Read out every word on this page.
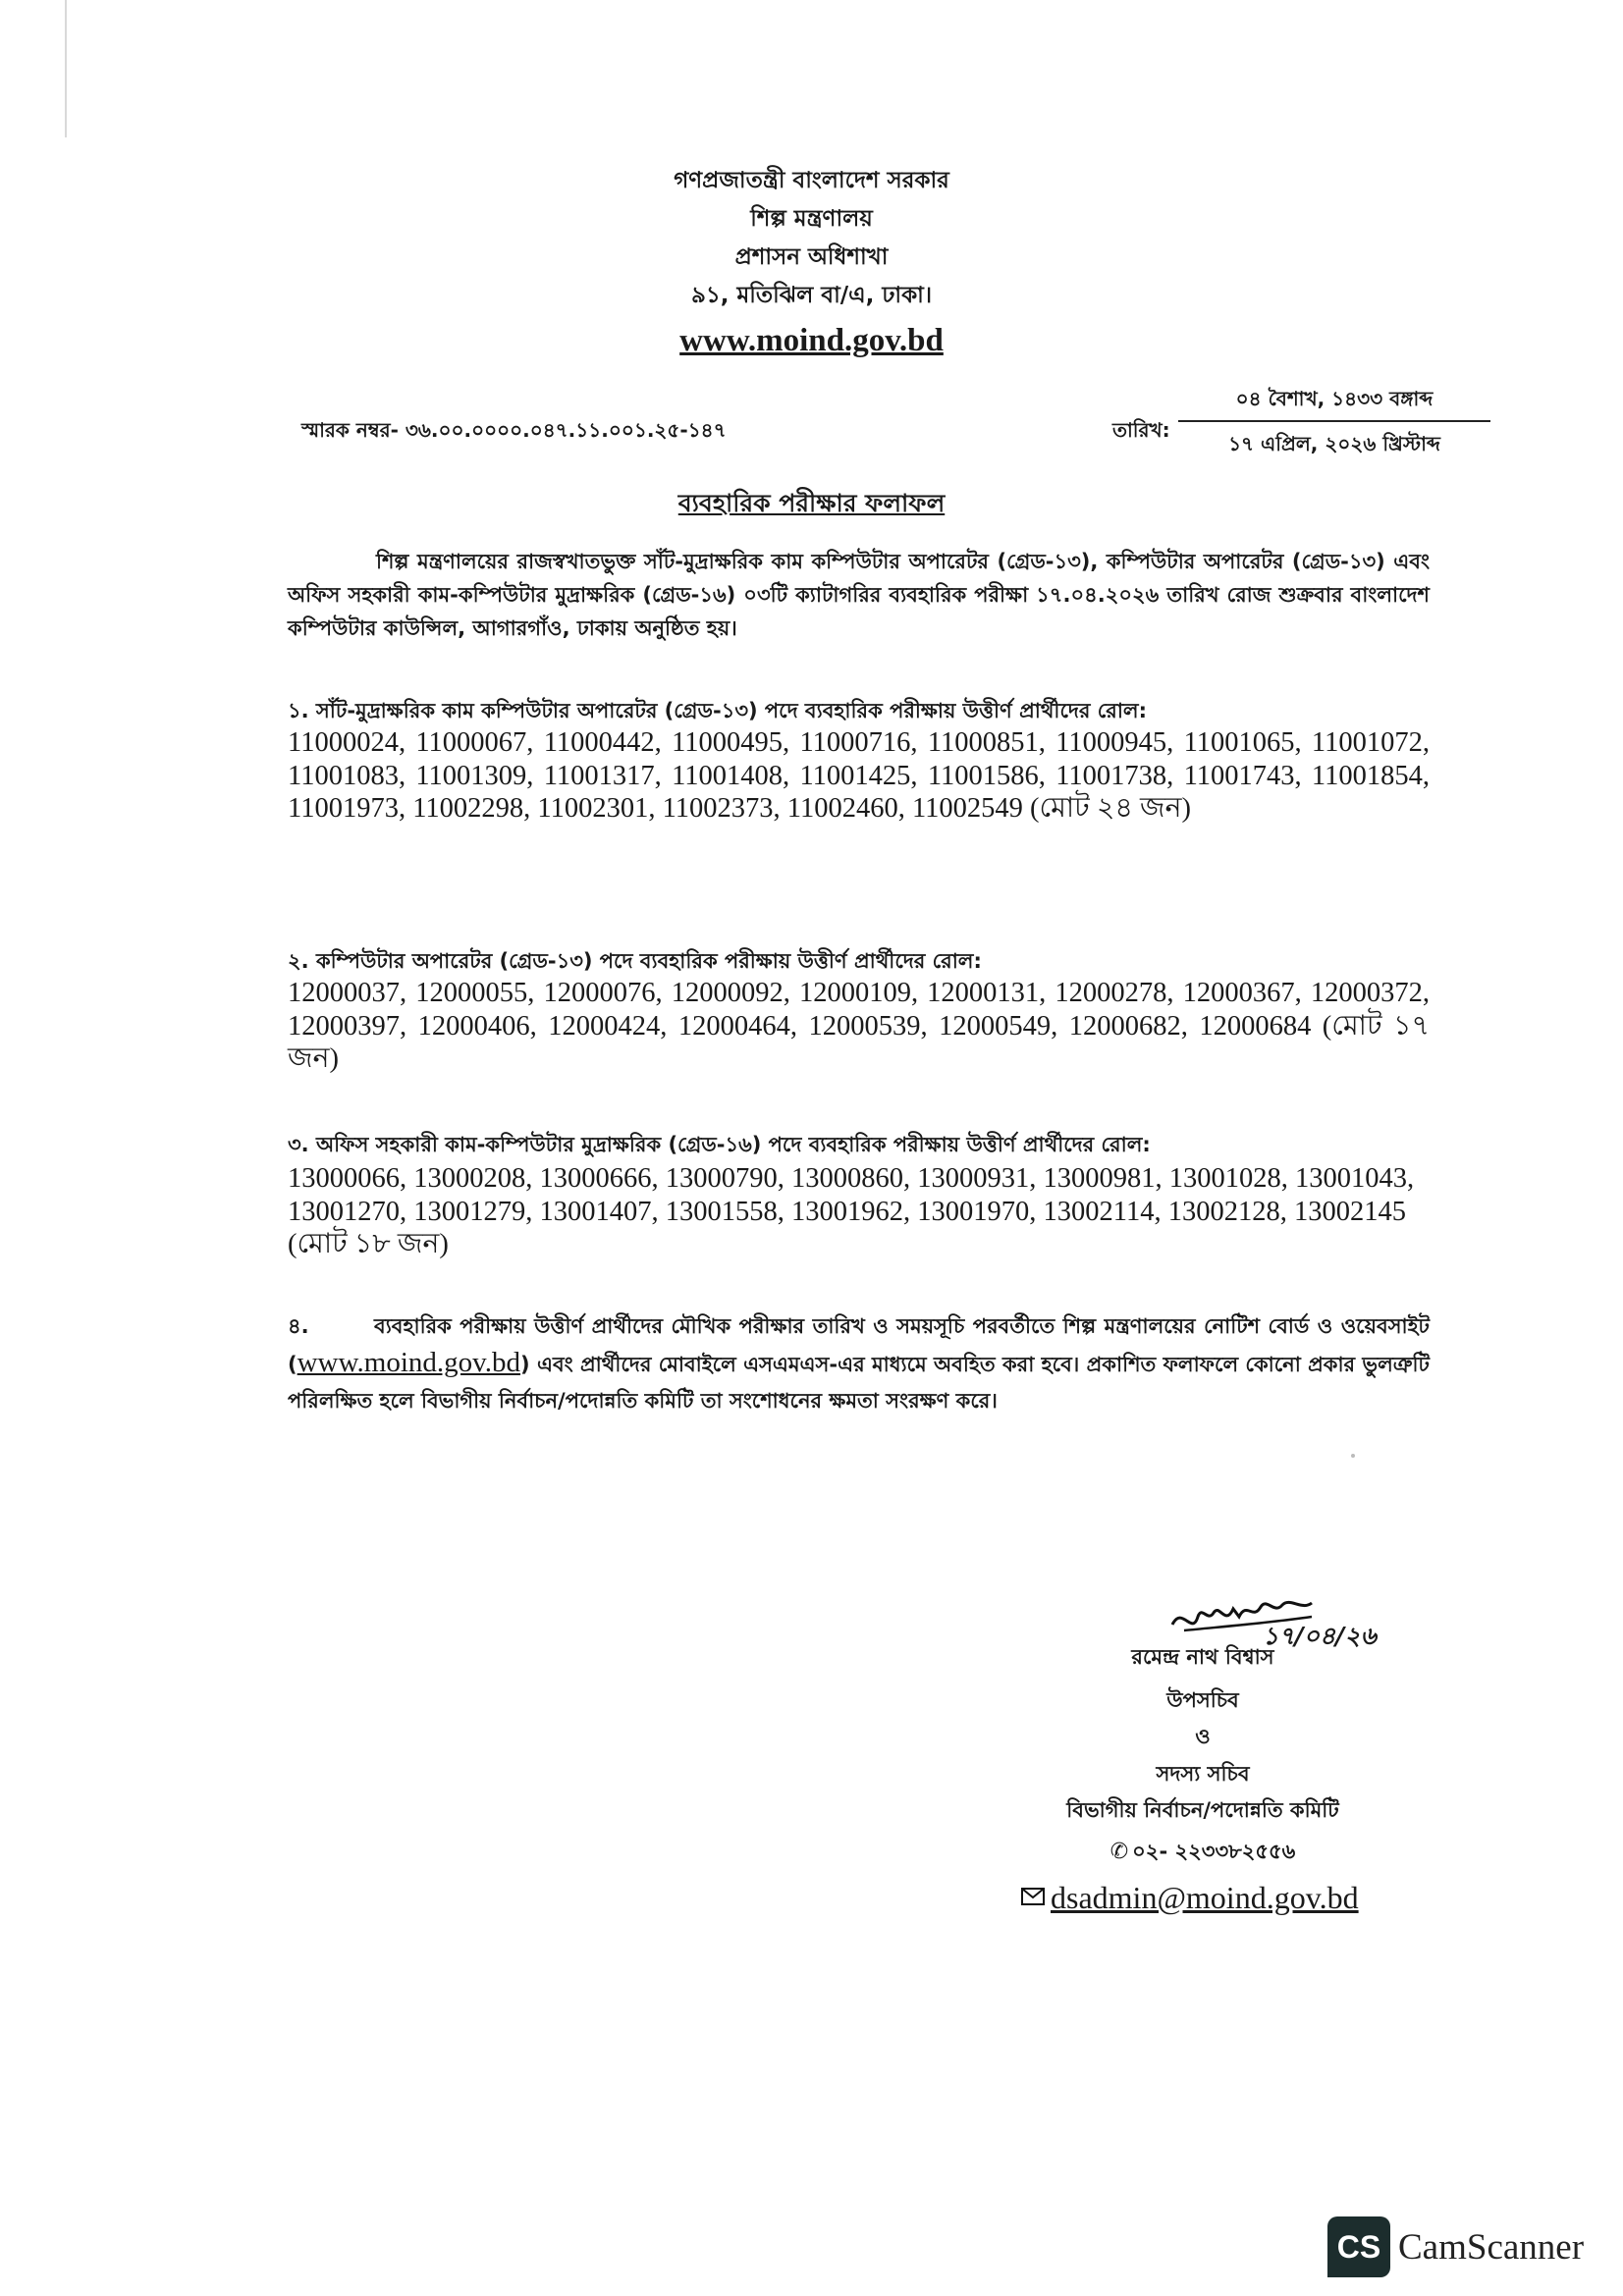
গণপ্রজাতন্ত্রী বাংলাদেশ সরকার
শিল্প মন্ত্রণালয়
প্রশাসন অধিশাখা
৯১, মতিঝিল বা/এ, ঢাকা।
www.moind.gov.bd
স্মারক নম্বর- ৩৬.০০.০০০০.০৪৭.১১.০০১.২৫-১৪৭	তারিখ:
০৪ বৈশাখ, ১৪৩৩ বঙ্গাব্দ
১৭ এপ্রিল, ২০২৬ খ্রিস্টাব্দ
ব্যবহারিক পরীক্ষার ফলাফল

শিল্প মন্ত্রণালয়ের রাজস্বখাতভুক্ত সাঁট-মুদ্রাক্ষরিক কাম কম্পিউটার অপারেটর (গ্রেড-১৩), কম্পিউটার অপারেটর (গ্রেড-১৩) এবং অফিস সহকারী কাম-কম্পিউটার মুদ্রাক্ষরিক (গ্রেড-১৬) ০৩টি ক্যাটাগরির ব্যবহারিক পরীক্ষা ১৭.০৪.২০২৬ তারিখ রোজ শুক্রবার বাংলাদেশ কম্পিউটার কাউন্সিল, আগারগাঁও, ঢাকায় অনুষ্ঠিত হয়।

১. সাঁট-মুদ্রাক্ষরিক কাম কম্পিউটার অপারেটর (গ্রেড-১৩) পদে ব্যবহারিক পরীক্ষায় উত্তীর্ণ প্রার্থীদের রোল:

11000024, 11000067, 11000442, 11000495, 11000716, 11000851, 11000945, 11001065, 11001072, 11001083, 11001309, 11001317, 11001408, 11001425, 11001586, 11001738, 11001743, 11001854, 11001973, 11002298, 11002301, 11002373, 11002460, 11002549 (মোট ২৪ জন)

২. কম্পিউটার অপারেটর (গ্রেড-১৩) পদে ব্যবহারিক পরীক্ষায় উত্তীর্ণ প্রার্থীদের রোল:

12000037, 12000055, 12000076, 12000092, 12000109, 12000131, 12000278, 12000367, 12000372, 12000397, 12000406, 12000424, 12000464, 12000539, 12000549, 12000682, 12000684 (মোট ১৭ জন)

৩. অফিস সহকারী কাম-কম্পিউটার মুদ্রাক্ষরিক (গ্রেড-১৬) পদে ব্যবহারিক পরীক্ষায় উত্তীর্ণ প্রার্থীদের রোল:

13000066, 13000208, 13000666, 13000790, 13000860, 13000931, 13000981, 13001028, 13001043, 13001270, 13001279, 13001407, 13001558, 13001962, 13001970, 13002114, 13002128, 13002145 (মোট ১৮ জন)

৪.	ব্যবহারিক পরীক্ষায় উত্তীর্ণ প্রার্থীদের মৌখিক পরীক্ষার তারিখ ও সময়সূচি পরবর্তীতে শিল্প মন্ত্রণালয়ের নোটিশ বোর্ড ও ওয়েবসাইট (www.moind.gov.bd) এবং প্রার্থীদের মোবাইলে এসএমএস-এর মাধ্যমে অবহিত করা হবে। প্রকাশিত ফলাফলে কোনো প্রকার ভুলত্রুটি পরিলক্ষিত হলে বিভাগীয় নির্বাচন/পদোন্নতি কমিটি তা সংশোধনের ক্ষমতা সংরক্ষণ করে।

১৭/০৪/২৬
রমেন্দ্র নাথ বিশ্বাস
উপসচিব
ও
সদস্য সচিব
বিভাগীয় নির্বাচন/পদোন্নতি কমিটি
✆ ০২- ২২৩৩৮২৫৫৬
dsadmin@moind.gov.bd
CS CamScanner
